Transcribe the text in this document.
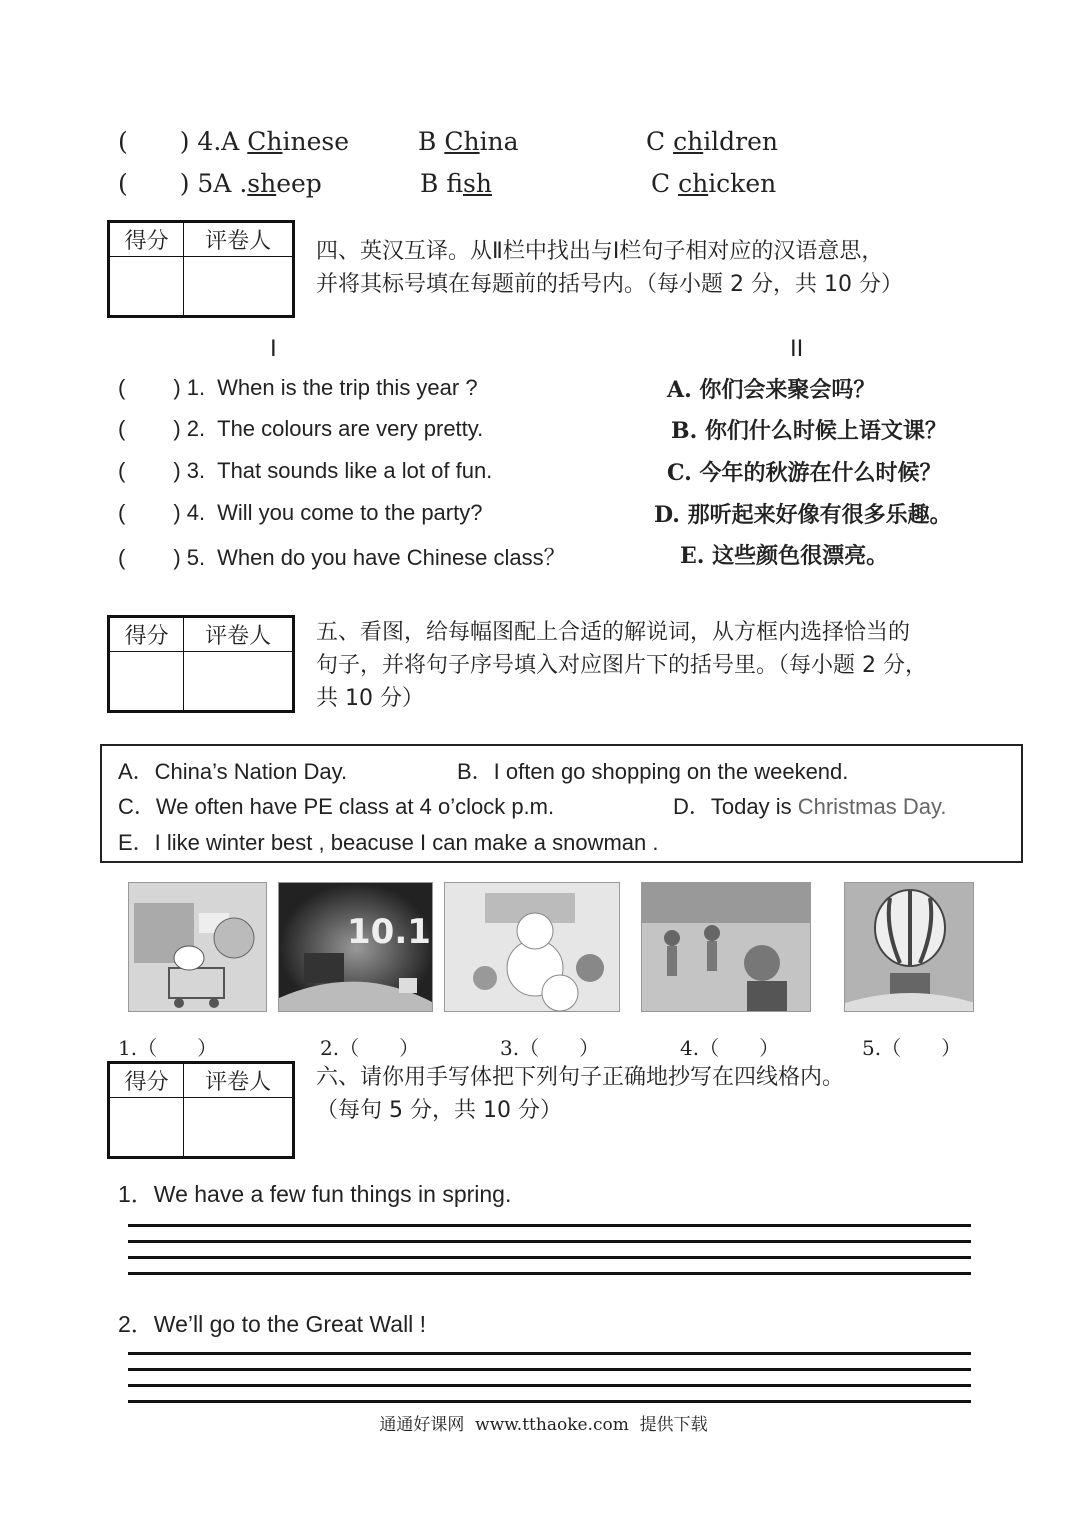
( ) 4.A Chinese	B China	C children
( ) 5A .sheep	B fish	C chicken
得分	评卷人
	四、英汉互译。从Ⅱ栏中找出与Ⅰ栏句子相对应的汉语意思，
并将其标号填在每题前的括号内。（每小题 2 分，共 10 分）
I	II
( ) 1. When is the trip this year ?	A. 你们会来聚会吗？
( ) 2. The colours are very pretty.	B. 你们什么时候上语文课？
( ) 3. That sounds like a lot of fun.	C. 今年的秋游在什么时候？
( ) 4. Will you come to the party?	D. 那听起来好像有很多乐趣。
( ) 5. When do you have Chinese class？	E. 这些颜色很漂亮。
得分	评卷人
	五、看图，给每幅图配上合适的解说词，从方框内选择恰当的
句子，并将句子序号填入对应图片下的括号里。（每小题 2 分，
共 10 分）
A．China’s Nation Day.	B．I often go shopping on the weekend.
C．We often have PE class at 4 o’clock p.m.	D．Today is Christmas Day.
E．I like winter best , beacuse I can make a snowman .
10.1
1.（　　）	2.（　　）	3.（　　）	4.（　　）	5.（　　）
得分	评卷人
	六、请你用手写体把下列句子正确地抄写在四线格内。
（每句 5 分，共 10 分）
1．We have a few fun things in spring.
2．We’ll go to the Great Wall !
通通好课网  www.tthaoke.com  提供下载
